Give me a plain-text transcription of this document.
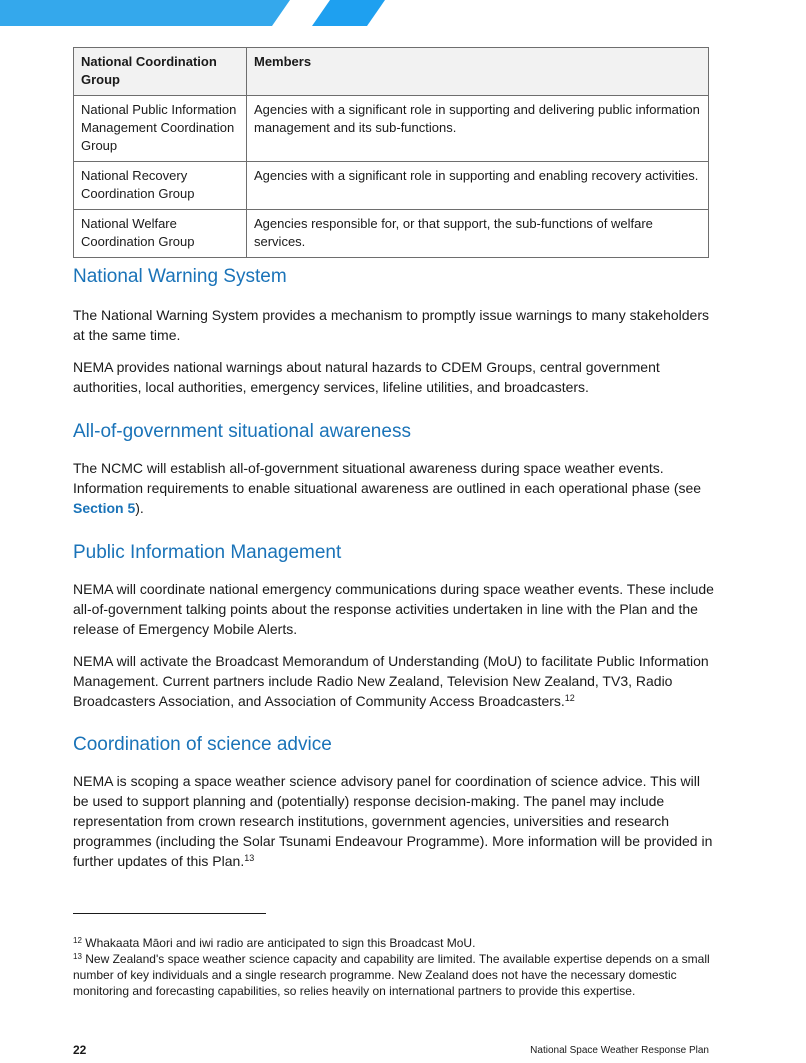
National Coordination Group	Members
National Public Information Management Coordination Group	Agencies with a significant role in supporting and delivering public information management and its sub-functions.
National Recovery Coordination Group	Agencies with a significant role in supporting and enabling recovery activities.
National Welfare Coordination Group	Agencies responsible for, or that support, the sub-functions of welfare services.
National Warning System

The National Warning System provides a mechanism to promptly issue warnings to many stakeholders at the same time.

NEMA provides national warnings about natural hazards to CDEM Groups, central government authorities, local authorities, emergency services, lifeline utilities, and broadcasters.

All-of-government situational awareness

The NCMC will establish all-of-government situational awareness during space weather events. Information requirements to enable situational awareness are outlined in each operational phase (see Section 5).

Public Information Management

NEMA will coordinate national emergency communications during space weather events. These include all-of-government talking points about the response activities undertaken in line with the Plan and the release of Emergency Mobile Alerts.

NEMA will activate the Broadcast Memorandum of Understanding (MoU) to facilitate Public Information Management. Current partners include Radio New Zealand, Television New Zealand, TV3, Radio Broadcasters Association, and Association of Community Access Broadcasters.$^{12}$

Coordination of science advice

NEMA is scoping a space weather science advisory panel for coordination of science advice. This will be used to support planning and (potentially) response decision-making. The panel may include representation from crown research institutions, government agencies, universities and research programmes (including the Solar Tsunami Endeavour Programme). More information will be provided in further updates of this Plan.$^{13}$

$^{12}$ Whakaata Māori and iwi radio are anticipated to sign this Broadcast MoU.

$^{13}$ New Zealand's space weather science capacity and capability are limited. The available expertise depends on a small number of key individuals and a single research programme. New Zealand does not have the necessary domestic monitoring and forecasting capabilities, so relies heavily on international partners to provide this expertise.

22	National Space Weather Response Plan
